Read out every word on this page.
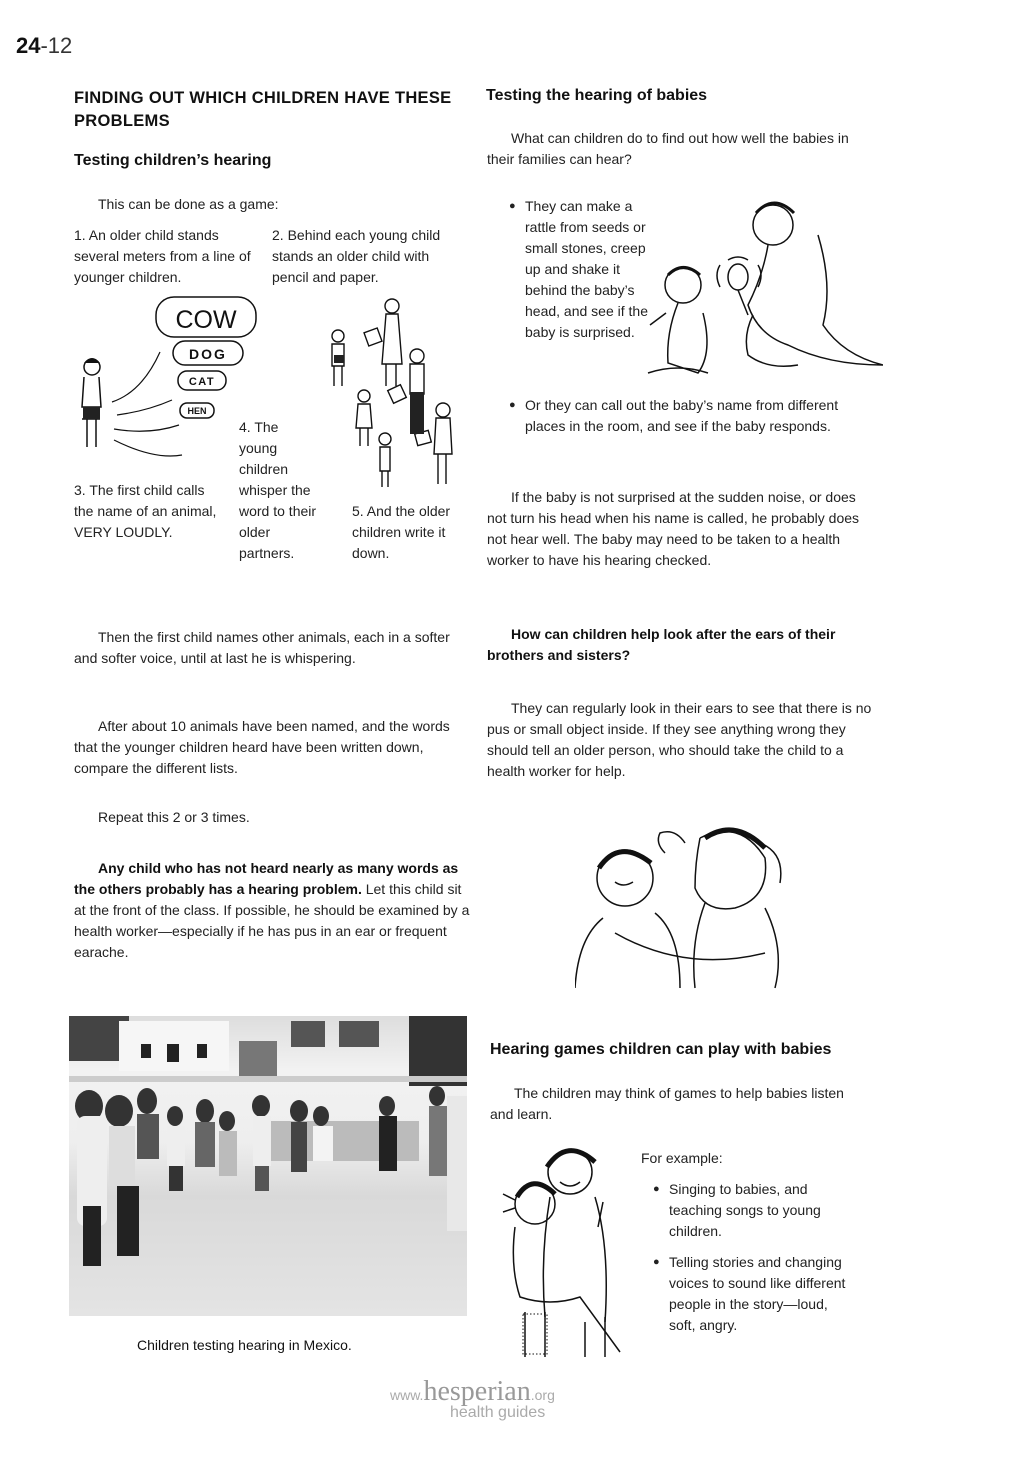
24-12
FINDING OUT WHICH CHILDREN HAVE THESE PROBLEMS
Testing children’s hearing

This can be done as a game:

1. An older child stands several meters from a line of younger children.

2. Behind each young child stands an older child with pencil and paper.

3. The first child calls the name of an animal, VERY LOUDLY.

4. The young children whisper the word to their older partners.

5. And the older children write it down.

COW
DOG
CAT
HEN

Then the first child names other animals, each in a softer and softer voice, until at last he is whispering.

After about 10 animals have been named, and the words that the younger children heard have been written down, compare the different lists.

Repeat this 2 or 3 times.

Any child who has not heard nearly as many words as the others probably has a hearing problem. Let this child sit at the front of the class. If possible, he should be examined by a health worker—especially if he has pus in an ear or frequent earache.

Children testing hearing in Mexico.
Testing the hearing of babies

What can children do to find out how well the babies in their families can hear?

● They can make a rattle from seeds or small stones, creep up and shake it behind the baby’s head, and see if the baby is surprised.
● Or they can call out the baby’s name from different places in the room, and see if the baby responds.

If the baby is not surprised at the sudden noise, or does not turn his head when his name is called, he probably does not hear well. The baby may need to be taken to a health worker to have his hearing checked.

How can children help look after the ears of their brothers and sisters?

They can regularly look in their ears to see that there is no pus or small object inside. If they see anything wrong they should tell an older person, who should take the child to a health worker for help.

Hearing games children can play with babies

The children may think of games to help babies listen and learn.

For example:

● Singing to babies, and teaching songs to young children.
● Telling stories and changing voices to sound like different people in the story—loud, soft, angry.
www.hesperian.org
health guides
